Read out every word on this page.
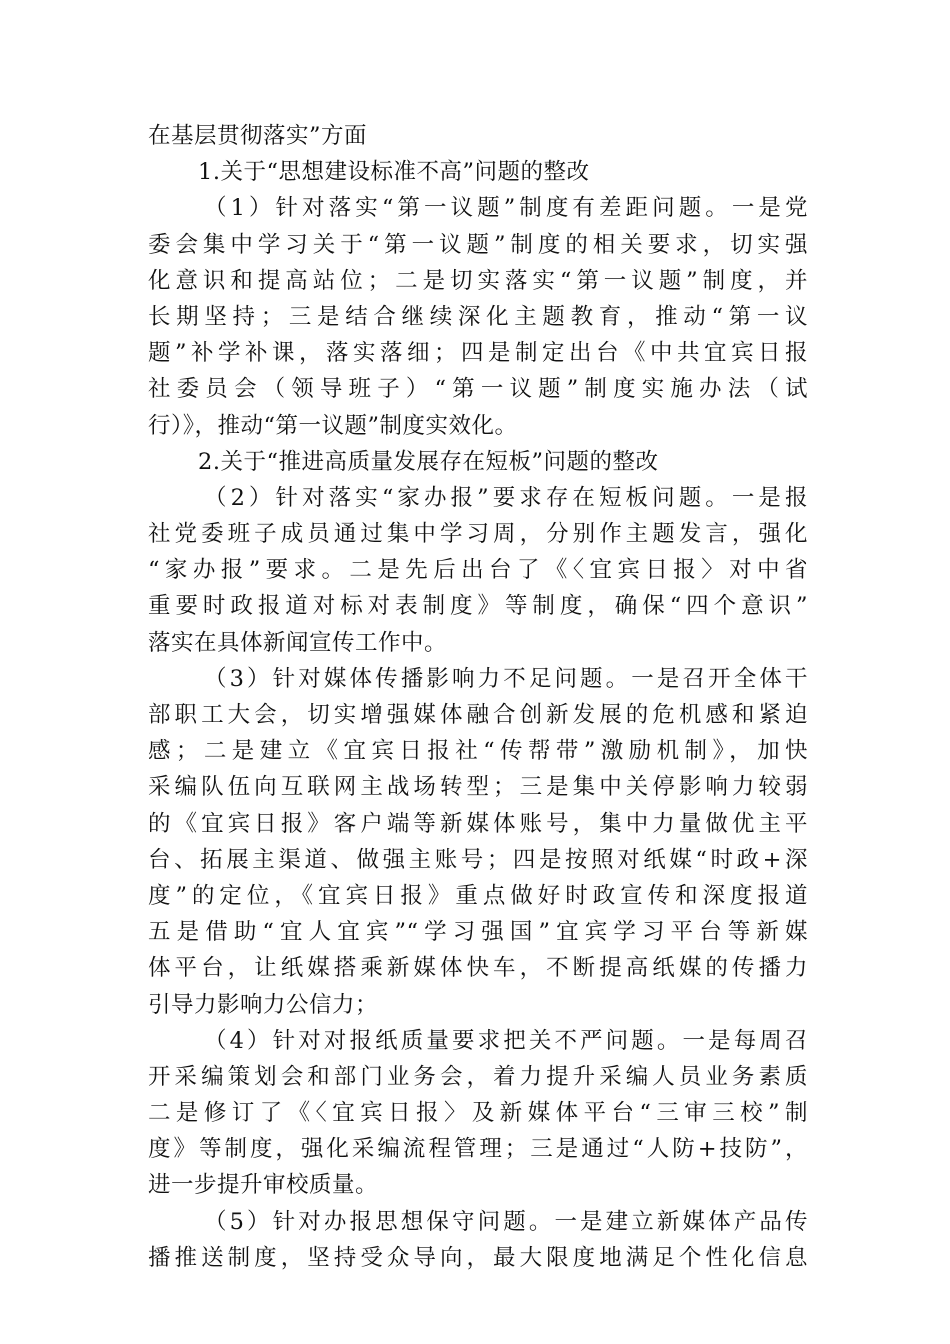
在基层贯彻落实”方面
1.关于“思想建设标准不高”问题的整改
（1）针对落实“第一议题”制度有差距问题。一是党
委会集中学习关于“第一议题”制度的相关要求，切实强
化意识和提高站位；二是切实落实“第一议题”制度，并
长期坚持；三是结合继续深化主题教育，推动“第一议
题”补学补课，落实落细；四是制定出台《中共宜宾日报
社委员会（领导班子）“第一议题”制度实施办法（试
行）》，推动“第一议题”制度实效化。
2.关于“推进高质量发展存在短板”问题的整改
（2）针对落实“家办报”要求存在短板问题。一是报
社党委班子成员通过集中学习周，分别作主题发言，强化
“家办报”要求。二是先后出台了《〈宜宾日报〉对中省
重要时政报道对标对表制度》等制度，确保“四个意识”
落实在具体新闻宣传工作中。
（3）针对媒体传播影响力不足问题。一是召开全体干
部职工大会，切实增强媒体融合创新发展的危机感和紧迫
感；二是建立《宜宾日报社“传帮带”激励机制》，加快
采编队伍向互联网主战场转型；三是集中关停影响力较弱
的《宜宾日报》客户端等新媒体账号，集中力量做优主平
台、拓展主渠道、做强主账号；四是按照对纸媒“时政+深
度”的定位，《宜宾日报》重点做好时政宣传和深度报道
五是借助“宜人宜宾”“学习强国”宜宾学习平台等新媒
体平台，让纸媒搭乘新媒体快车，不断提高纸媒的传播力
引导力影响力公信力；
（4）针对对报纸质量要求把关不严问题。一是每周召
开采编策划会和部门业务会，着力提升采编人员业务素质
二是修订了《〈宜宾日报〉及新媒体平台“三审三校”制
度》等制度，强化采编流程管理；三是通过“人防+技防”，
进一步提升审校质量。
（5）针对办报思想保守问题。一是建立新媒体产品传
播推送制度，坚持受众导向，最大限度地满足个性化信息
